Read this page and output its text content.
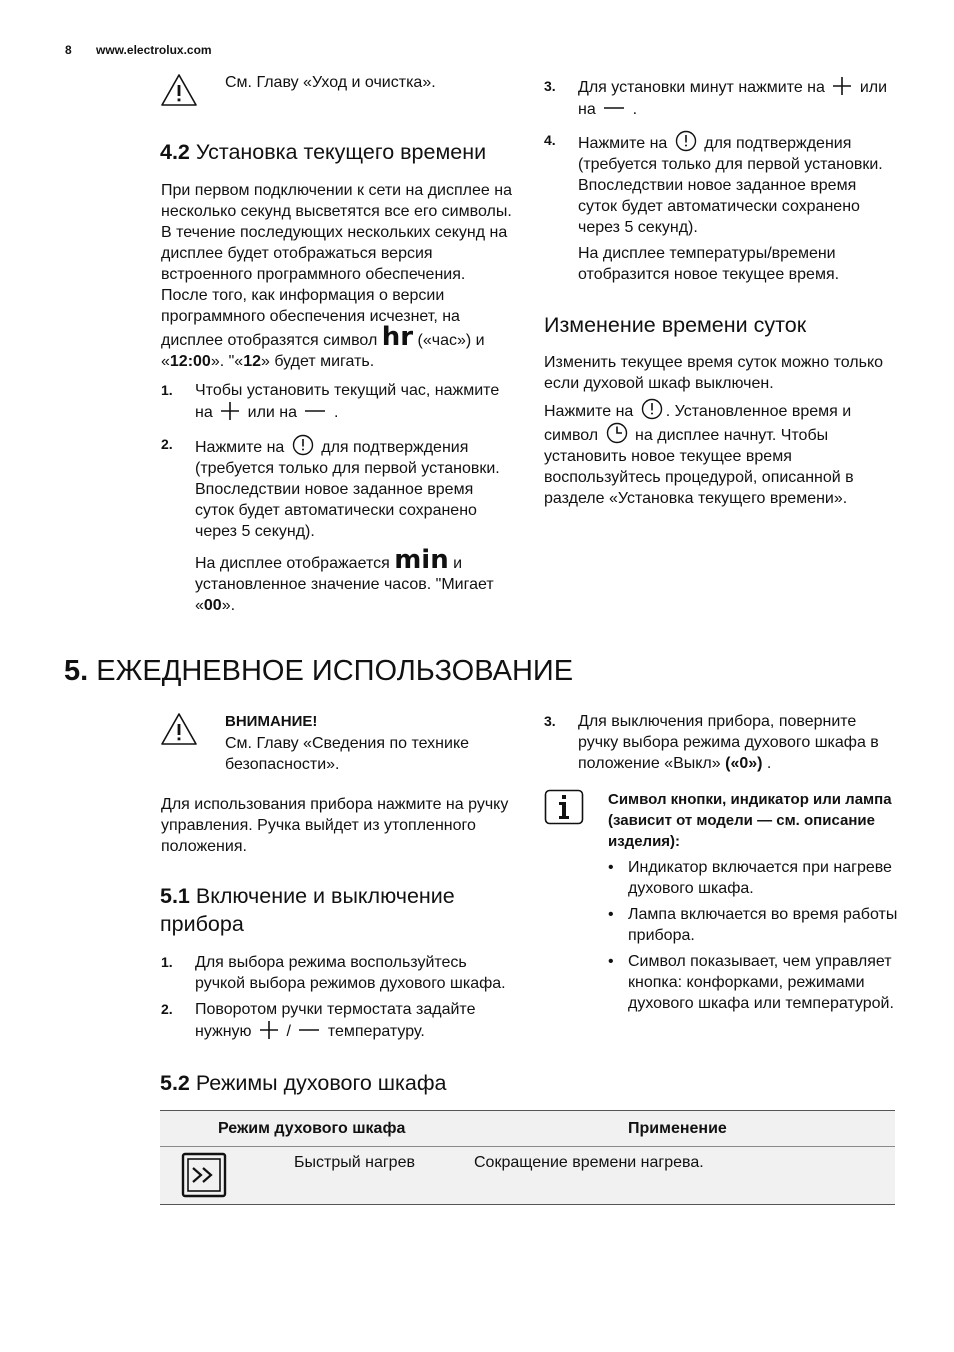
8 www.electrolux.com

См. Главу «Уход и очистка».

4.2 Установка текущего времени

При первом подключении к сети на дисплее на несколько секунд высветятся все его символы. В течение последующих нескольких секунд на дисплее будет отображаться версия встроенного программного обеспечения. После того, как информация о версии программного обеспечения исчезнет, на дисплее отобразятся символ hr («час») и «12:00». "«12» будет мигать.

1. Чтобы установить текущий час, нажмите на или на .

2. Нажмите на для подтверждения (требуется только для первой установки. Впоследствии новое заданное время суток будет автоматически сохранено через 5 секунд).

На дисплее отображается min и установленное значение часов. "Мигает «00».

3. Для установки минут нажмите на или на .

4. Нажмите на для подтверждения (требуется только для первой установки. Впоследствии новое заданное время суток будет автоматически сохранено через 5 секунд).

На дисплее температуры/времени отобразится новое текущее время.

Изменение времени суток

Изменить текущее время суток можно только если духовой шкаф выключен.

Нажмите на . Установленное время и символ на дисплее начнут. Чтобы установить новое текущее время воспользуйтесь процедурой, описанной в разделе «Установка текущего времени».

5. ЕЖЕДНЕВНОЕ ИСПОЛЬЗОВАНИЕ

ВНИМАНИЕ!

См. Главу «Сведения по технике безопасности».

Для использования прибора нажмите на ручку управления. Ручка выйдет из утопленного положения.

5.1 Включение и выключение прибора
1. Для выбора режима воспользуйтесь ручкой выбора режимов духового шкафа.

2. Поворотом ручки термостата задайте нужную / температуру.

3. Для выключения прибора, поверните ручку выбора режима духового шкафа в положение «Выкл» («0») .

Символ кнопки, индикатор или лампа (зависит от модели — см. описание изделия):

• Индикатор включается при нагреве духового шкафа.
• Лампа включается во время работы прибора.
• Символ показывает, чем управляет кнопка: конфорками, режимами духового шкафа или температурой.
5.2 Режимы духового шкафа
Режим духового шкафа	Применение
Быстрый нагрев	Сокращение времени нагрева.
